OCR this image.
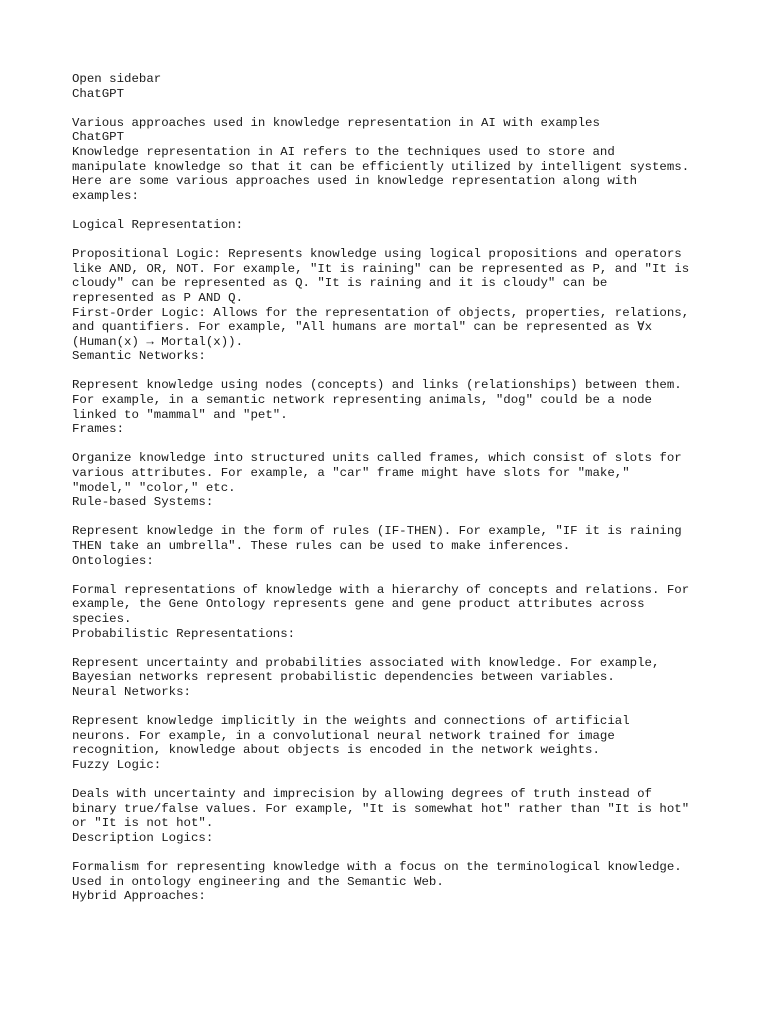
Open sidebar
ChatGPT
Various approaches used in knowledge representation in AI with examples
ChatGPT
Knowledge representation in AI refers to the techniques used to store and
manipulate knowledge so that it can be efficiently utilized by intelligent systems.
Here are some various approaches used in knowledge representation along with
examples:
Logical Representation:
Propositional Logic: Represents knowledge using logical propositions and operators
like AND, OR, NOT. For example, "It is raining" can be represented as P, and "It is
cloudy" can be represented as Q. "It is raining and it is cloudy" can be
represented as P AND Q.
First-Order Logic: Allows for the representation of objects, properties, relations,
and quantifiers. For example, "All humans are mortal" can be represented as ∀x
(Human(x) → Mortal(x)).
Semantic Networks:
Represent knowledge using nodes (concepts) and links (relationships) between them.
For example, in a semantic network representing animals, "dog" could be a node
linked to "mammal" and "pet".
Frames:
Organize knowledge into structured units called frames, which consist of slots for
various attributes. For example, a "car" frame might have slots for "make,"
"model," "color," etc.
Rule-based Systems:
Represent knowledge in the form of rules (IF-THEN). For example, "IF it is raining
THEN take an umbrella". These rules can be used to make inferences.
Ontologies:
Formal representations of knowledge with a hierarchy of concepts and relations. For
example, the Gene Ontology represents gene and gene product attributes across
species.
Probabilistic Representations:
Represent uncertainty and probabilities associated with knowledge. For example,
Bayesian networks represent probabilistic dependencies between variables.
Neural Networks:
Represent knowledge implicitly in the weights and connections of artificial
neurons. For example, in a convolutional neural network trained for image
recognition, knowledge about objects is encoded in the network weights.
Fuzzy Logic:
Deals with uncertainty and imprecision by allowing degrees of truth instead of
binary true/false values. For example, "It is somewhat hot" rather than "It is hot"
or "It is not hot".
Description Logics:
Formalism for representing knowledge with a focus on the terminological knowledge.
Used in ontology engineering and the Semantic Web.
Hybrid Approaches:
